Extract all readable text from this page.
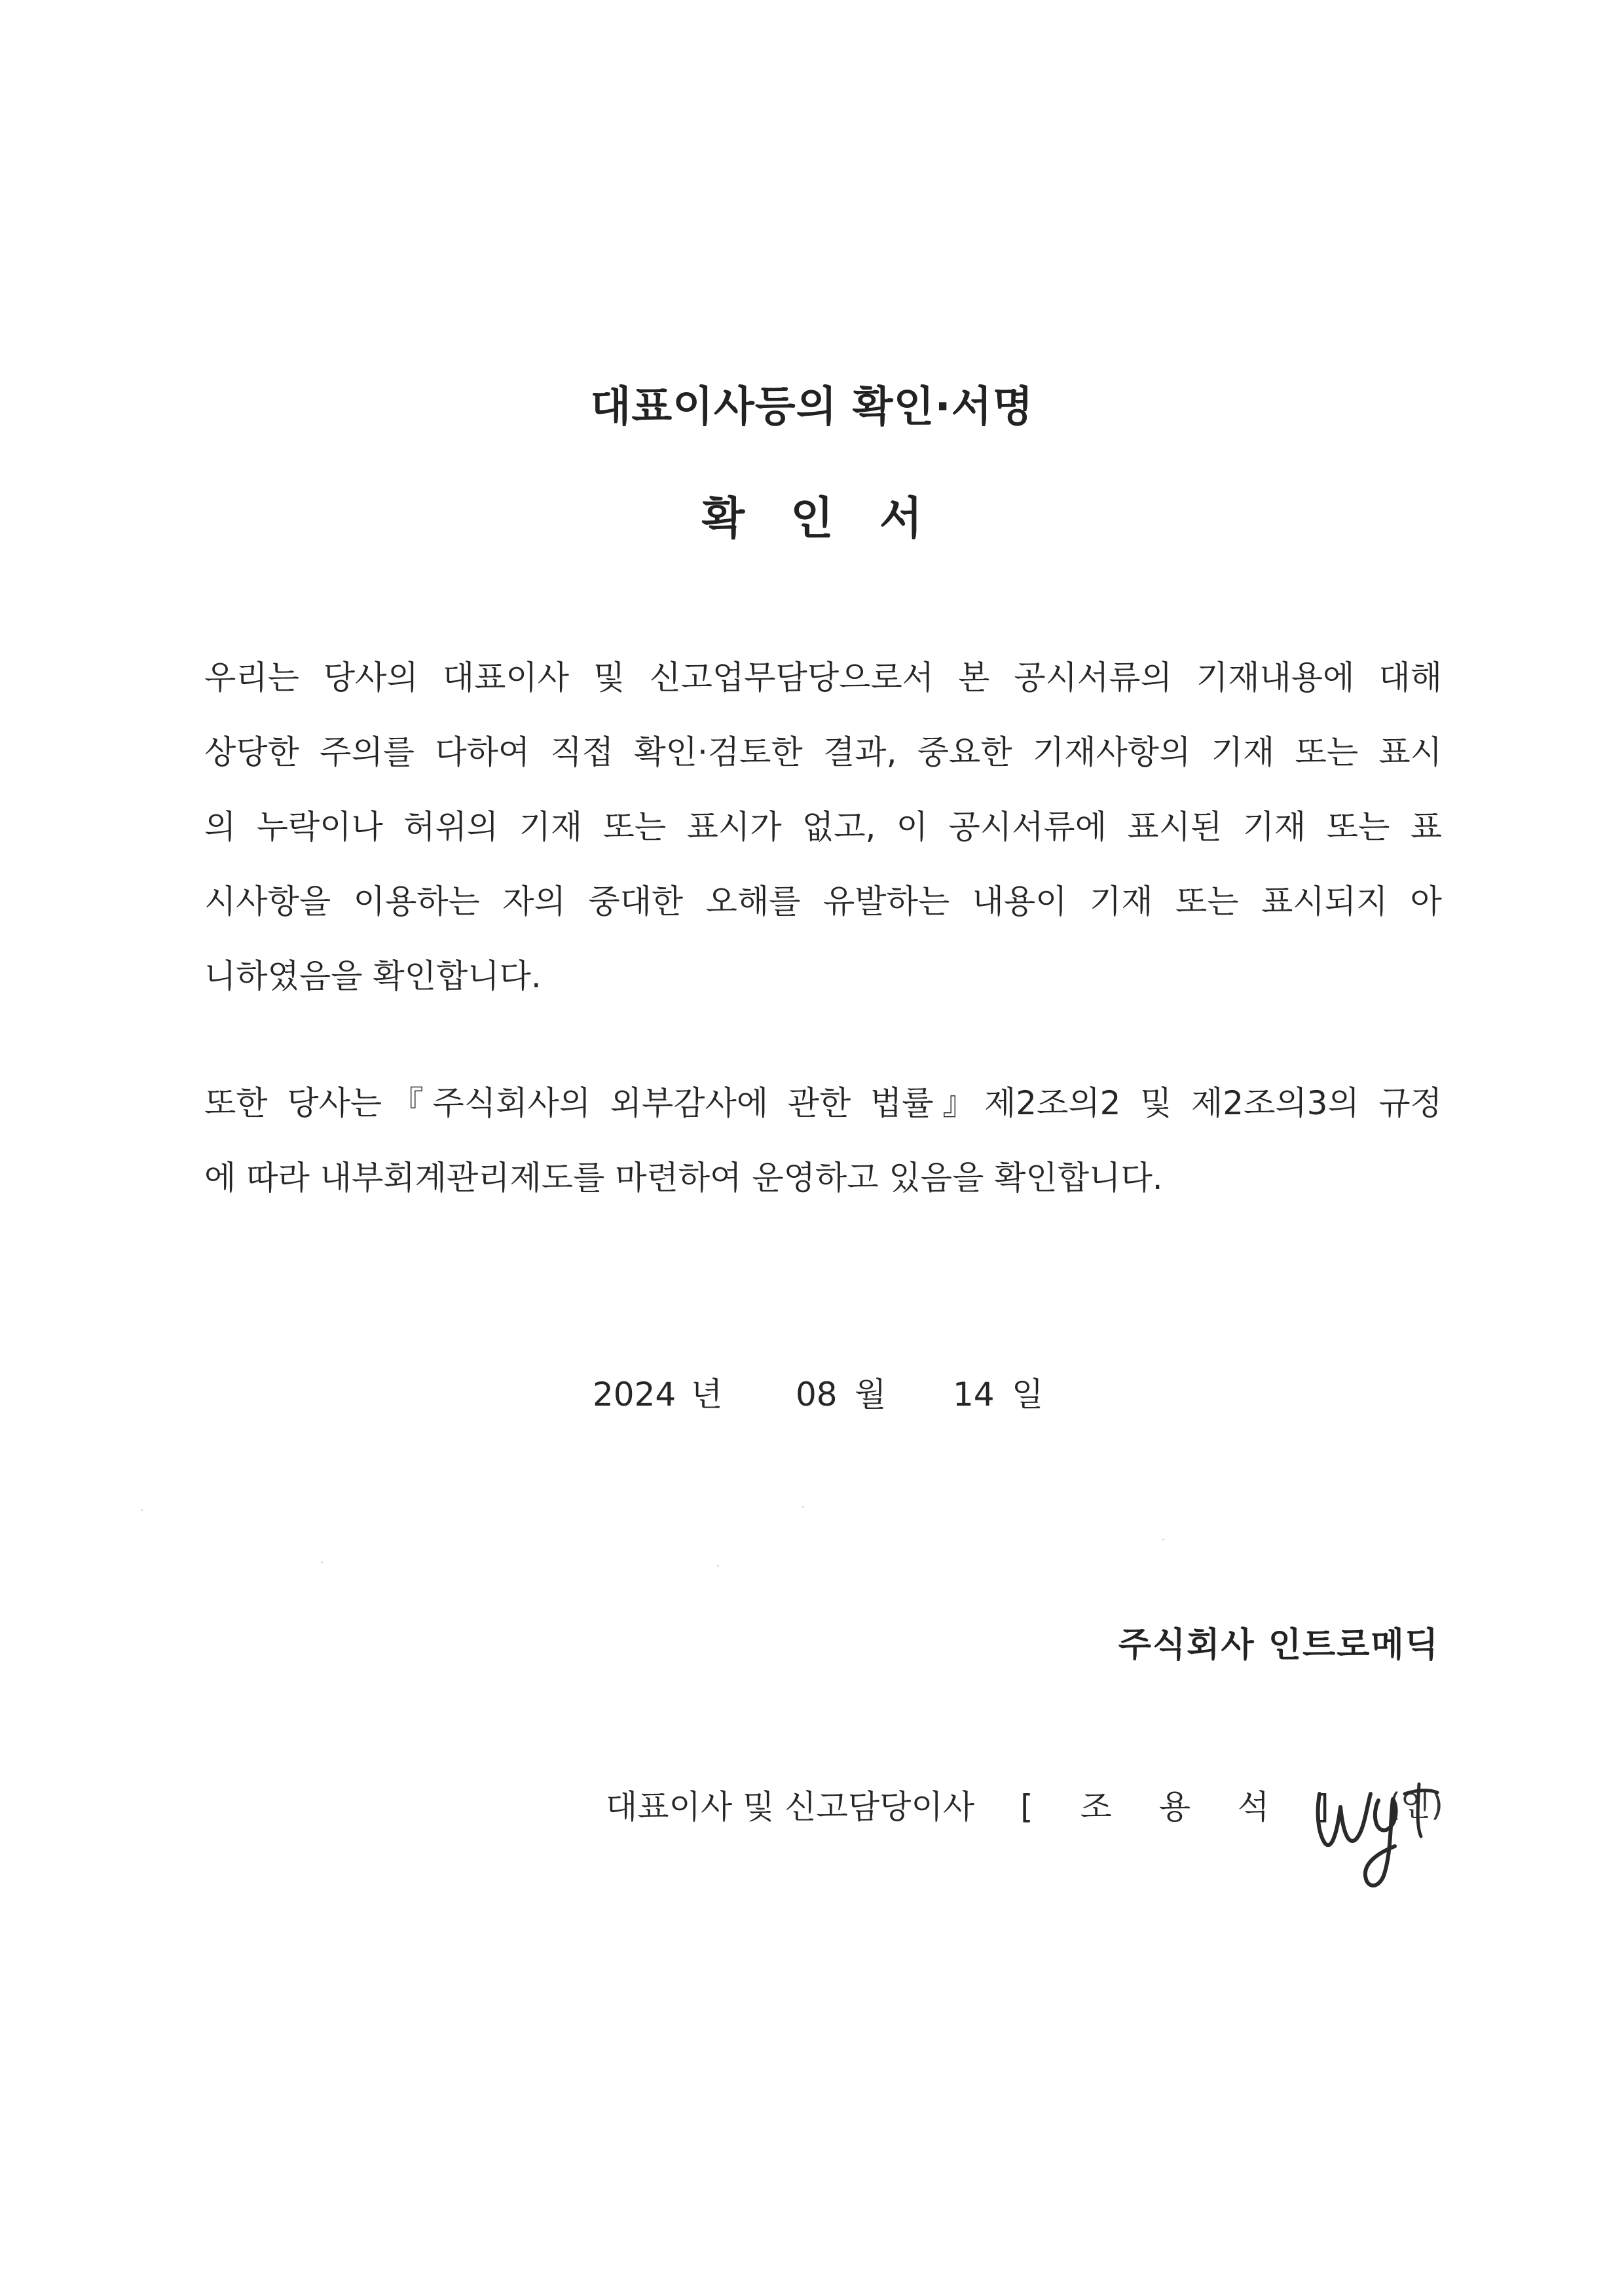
대표이사등의 확인·서명
확인서
우리는 당사의 대표이사 및 신고업무담당으로서 본 공시서류의 기재내용에 대해
상당한 주의를 다하여 직접 확인·검토한 결과, 중요한 기재사항의 기재 또는 표시
의 누락이나 허위의 기재 또는 표시가 없고, 이 공시서류에 표시된 기재 또는 표
시사항을 이용하는 자의 중대한 오해를 유발하는 내용이 기재 또는 표시되지 아
니하였음을 확인합니다.
또한 당사는『주식회사의 외부감사에 관한 법률』제2조의2 및 제2조의3의 규정
에 따라 내부회계관리제도를 마련하여 운영하고 있음을 확인합니다.
2024 년 08 월 14 일
주식회사 인트로메딕
대표이사 및 신고담당이사 [ 조 용 석 ] (인)
